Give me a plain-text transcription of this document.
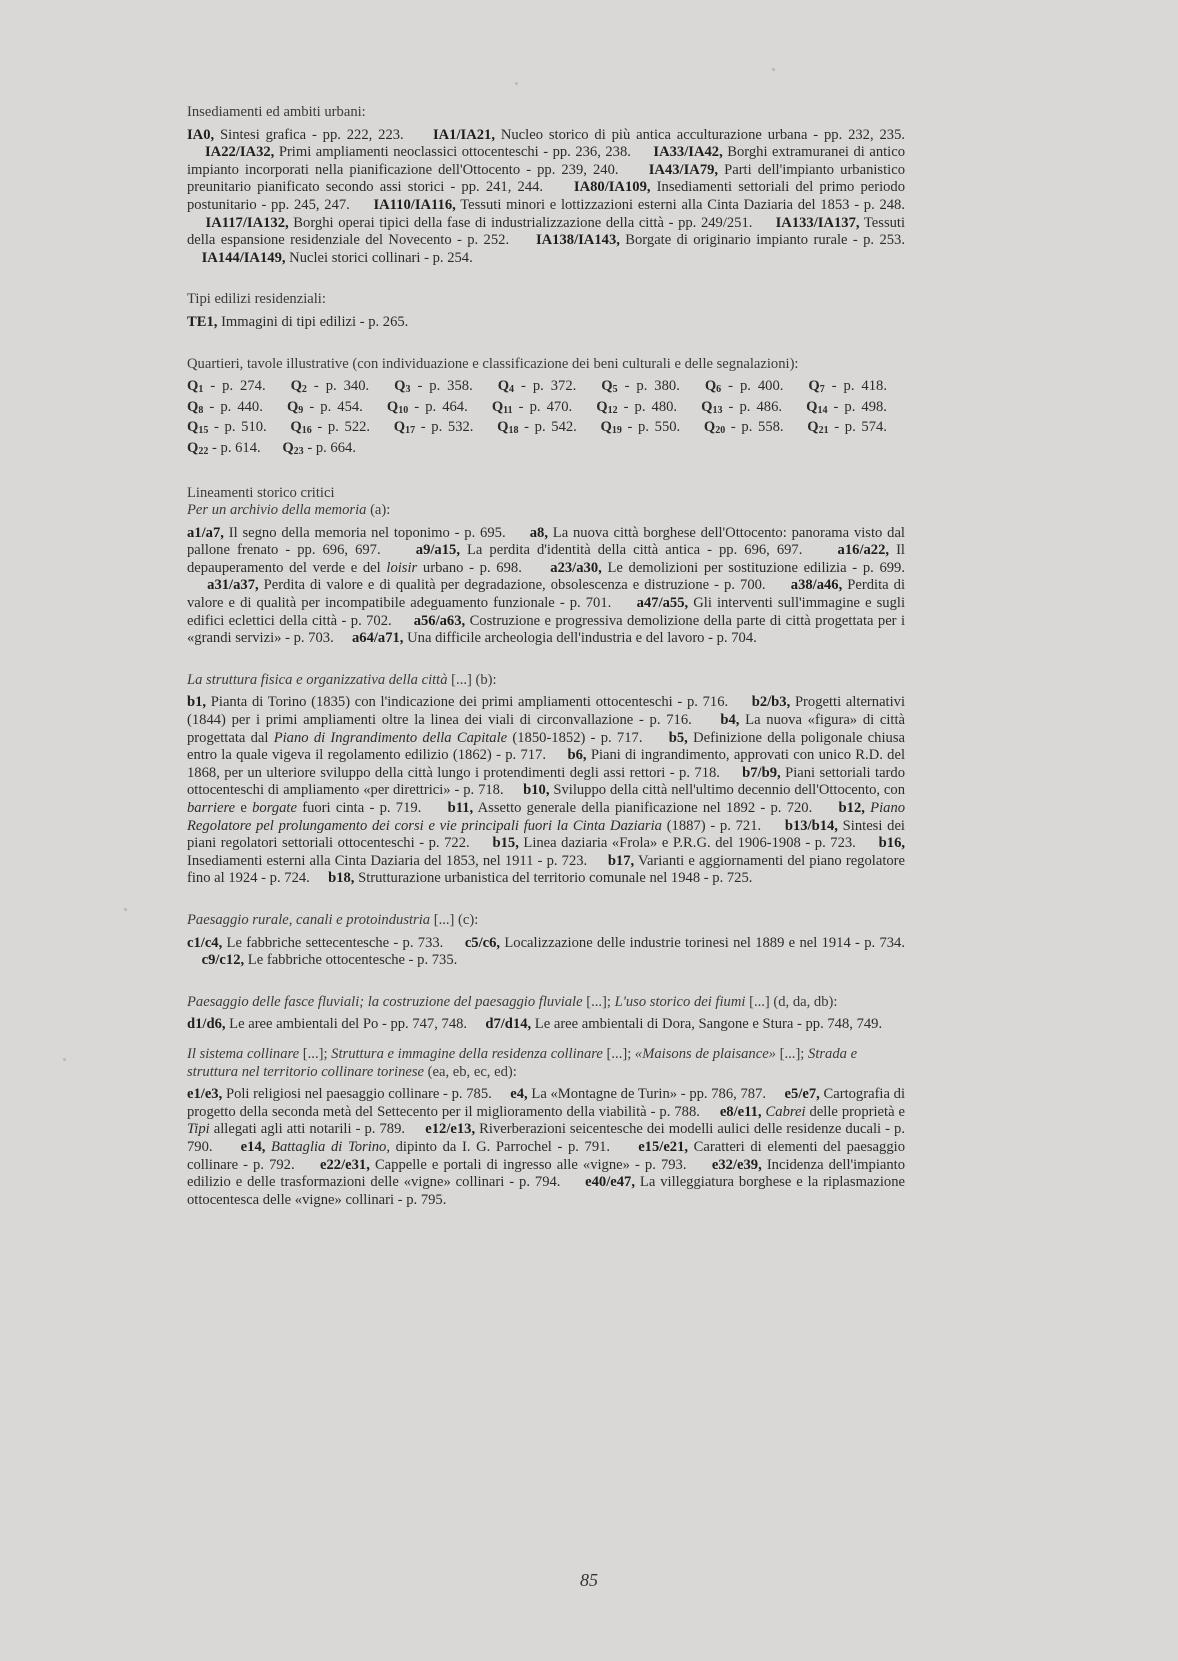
Insediamenti ed ambiti urbani:

IA0, Sintesi grafica - pp. 222, 223. IA1/IA21, Nucleo storico di più antica acculturazione urbana - pp. 232, 235. IA22/IA32, Primi ampliamenti neoclassici ottocenteschi - pp. 236, 238. IA33/IA42, Borghi extramuranei di antico impianto incorporati nella pianificazione dell'Ottocento - pp. 239, 240. IA43/IA79, Parti dell'impianto urbanistico preunitario pianificato secondo assi storici - pp. 241, 244. IA80/IA109, Insediamenti settoriali del primo periodo postunitario - pp. 245, 247. IA110/IA116, Tessuti minori e lottizzazioni esterni alla Cinta Daziaria del 1853 - p. 248. IA117/IA132, Borghi operai tipici della fase di industrializzazione della città - pp. 249/251. IA133/IA137, Tessuti della espansione residenziale del Novecento - p. 252. IA138/IA143, Borgate di originario impianto rurale - p. 253. IA144/IA149, Nuclei storici collinari - p. 254.

Tipi edilizi residenziali:

TE1, Immagini di tipi edilizi - p. 265.

Quartieri, tavole illustrative (con individuazione e classificazione dei beni culturali e delle segnalazioni):

$Q_1$ - p. 274. $Q_2$ - p. 340. $Q_3$ - p. 358. $Q_4$ - p. 372. $Q_5$ - p. 380. $Q_6$ - p. 400. $Q_7$ - p. 418. $Q_8$ - p. 440. $Q_9$ - p. 454. $Q_{10}$ - p. 464. $Q_{11}$ - p. 470. $Q_{12}$ - p. 480. $Q_{13}$ - p. 486. $Q_{14}$ - p. 498. $Q_{15}$ - p. 510. $Q_{16}$ - p. 522. $Q_{17}$ - p. 532. $Q_{18}$ - p. 542. $Q_{19}$ - p. 550. $Q_{20}$ - p. 558. $Q_{21}$ - p. 574. $Q_{22}$ - p. 614. $Q_{23}$ - p. 664.

Lineamenti storico critici
Per un archivio della memoria (a):

a1/a7, Il segno della memoria nel toponimo - p. 695. a8, La nuova città borghese dell'Ottocento: panorama visto dal pallone frenato - pp. 696, 697. a9/a15, La perdita d'identità della città antica - pp. 696, 697. a16/a22, Il depauperamento del verde e del loisir urbano - p. 698. a23/a30, Le demolizioni per sostituzione edilizia - p. 699. a31/a37, Perdita di valore e di qualità per degradazione, obsolescenza e distruzione - p. 700. a38/a46, Perdita di valore e di qualità per incompatibile adeguamento funzionale - p. 701. a47/a55, Gli interventi sull'immagine e sugli edifici eclettici della città - p. 702. a56/a63, Costruzione e progressiva demolizione della parte di città progettata per i «grandi servizi» - p. 703. a64/a71, Una difficile archeologia dell'industria e del lavoro - p. 704.

La struttura fisica e organizzativa della città [...] (b):

b1, Pianta di Torino (1835) con l'indicazione dei primi ampliamenti ottocenteschi - p. 716. b2/b3, Progetti alternativi (1844) per i primi ampliamenti oltre la linea dei viali di circonvallazione - p. 716. b4, La nuova «figura» di città progettata dal Piano di Ingrandimento della Capitale (1850-1852) - p. 717. b5, Definizione della poligonale chiusa entro la quale vigeva il regolamento edilizio (1862) - p. 717. b6, Piani di ingrandimento, approvati con unico R.D. del 1868, per un ulteriore sviluppo della città lungo i protendimenti degli assi rettori - p. 718. b7/b9, Piani settoriali tardo ottocenteschi di ampliamento «per direttrici» - p. 718. b10, Sviluppo della città nell'ultimo decennio dell'Ottocento, con barriere e borgate fuori cinta - p. 719. b11, Assetto generale della pianificazione nel 1892 - p. 720. b12, Piano Regolatore pel prolungamento dei corsi e vie principali fuori la Cinta Daziaria (1887) - p. 721. b13/b14, Sintesi dei piani regolatori settoriali ottocenteschi - p. 722. b15, Linea daziaria «Frola» e P.R.G. del 1906-1908 - p. 723. b16, Insediamenti esterni alla Cinta Daziaria del 1853, nel 1911 - p. 723. b17, Varianti e aggiornamenti del piano regolatore fino al 1924 - p. 724. b18, Strutturazione urbanistica del territorio comunale nel 1948 - p. 725.

Paesaggio rurale, canali e protoindustria [...] (c):

c1/c4, Le fabbriche settecentesche - p. 733. c5/c6, Localizzazione delle industrie torinesi nel 1889 e nel 1914 - p. 734. c9/c12, Le fabbriche ottocentesche - p. 735.

Paesaggio delle fasce fluviali; la costruzione del paesaggio fluviale [...]; L'uso storico dei fiumi [...] (d, da, db):

d1/d6, Le aree ambientali del Po - pp. 747, 748. d7/d14, Le aree ambientali di Dora, Sangone e Stura - pp. 748, 749.

Il sistema collinare [...]; Struttura e immagine della residenza collinare [...]; «Maisons de plaisance» [...]; Strada e struttura nel territorio collinare torinese (ea, eb, ec, ed):

e1/e3, Poli religiosi nel paesaggio collinare - p. 785. e4, La «Montagne de Turin» - pp. 786, 787. e5/e7, Cartografia di progetto della seconda metà del Settecento per il miglioramento della viabilità - p. 788. e8/e11, Cabrei delle proprietà e Tipi allegati agli atti notarili - p. 789. e12/e13, Riverberazioni seicentesche dei modelli aulici delle residenze ducali - p. 790. e14, Battaglia di Torino, dipinto da I. G. Parrochel - p. 791. e15/e21, Caratteri di elementi del paesaggio collinare - p. 792. e22/e31, Cappelle e portali di ingresso alle «vigne» - p. 793. e32/e39, Incidenza dell'impianto edilizio e delle trasformazioni delle «vigne» collinari - p. 794. e40/e47, La villeggiatura borghese e la riplasmazione ottocentesca delle «vigne» collinari - p. 795.

85
